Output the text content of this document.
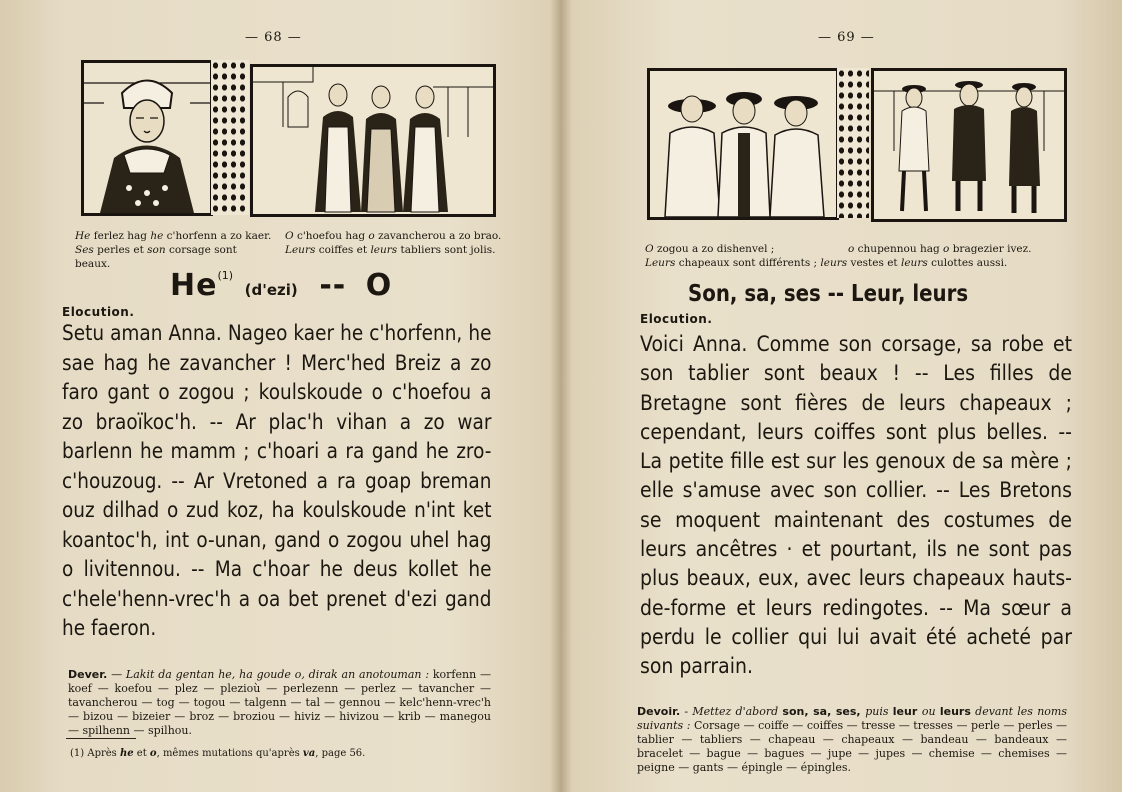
— 68 —
He ferlez hag he c'horfenn a zo kaer.
Ses perles et son corsage sont beaux.
O c'hoefou hag o zavancherou a zo brao.
Leurs coiffes et leurs tabliers sont jolis.
He$^{(1)}$ (d'ezi) -- O
Elocution.
Setu aman Anna. Nageo kaer he c'horfenn, he sae hag he zavancher ! Merc'hed Breiz a zo faro gant o zogou ; koulskoude o c'hoefou a zo braoïkoc'h. -- Ar plac'h vihan a zo war barlenn he mamm ; c'hoari a ra gand he zro-c'houzoug. -- Ar Vretoned a ra goap breman ouz dilhad o zud koz, ha koulskoude n'int ket koantoc'h, int o-unan, gand o zogou uhel hag o livitennou. -- Ma c'hoar he deus kollet he c'hele'henn-vrec'h a oa bet prenet d'ezi gand he faeron.
Dever. — Lakit da gentan he, ha goude o, dirak an anotouman : korfenn — koef — koefou — plez — plezioù — perlezenn — perlez — tavancher — tavancherou — tog — togou — talgenn — tal — gennou — kelc'henn-vrec'h — bizou — bizeier — broz — broziou — hiviz — hivizou — krib — manegou — spilhenn — spilhou.
(1) Après he et o, mêmes mutations qu'après va, page 56.
— 69 —
O zogou a zo dishenvel ;	o chupennou hag o bragezier ivez.
Leurs chapeaux sont différents ; leurs vestes et leurs culottes aussi.
Son, sa, ses -- Leur, leurs
Elocution.
Voici Anna. Comme son corsage, sa robe et son tablier sont beaux ! -- Les filles de Bretagne sont fières de leurs chapeaux ; cependant, leurs coiffes sont plus belles. -- La petite fille est sur les genoux de sa mère ; elle s'amuse avec son collier. -- Les Bretons se moquent maintenant des costumes de leurs ancêtres · et pourtant, ils ne sont pas plus beaux, eux, avec leurs chapeaux hauts-de-forme et leurs redingotes. -- Ma sœur a perdu le collier qui lui avait été acheté par son parrain.
Devoir. - Mettez d'abord son, sa, ses, puis leur ou leurs devant les noms suivants : Corsage — coiffe — coiffes — tresse — tresses — perle — perles — tablier — tabliers — chapeau — chapeaux — bandeau — bandeaux — bracelet — bague — bagues — jupe — jupes — chemise — chemises — peigne — gants — épingle — épingles.
